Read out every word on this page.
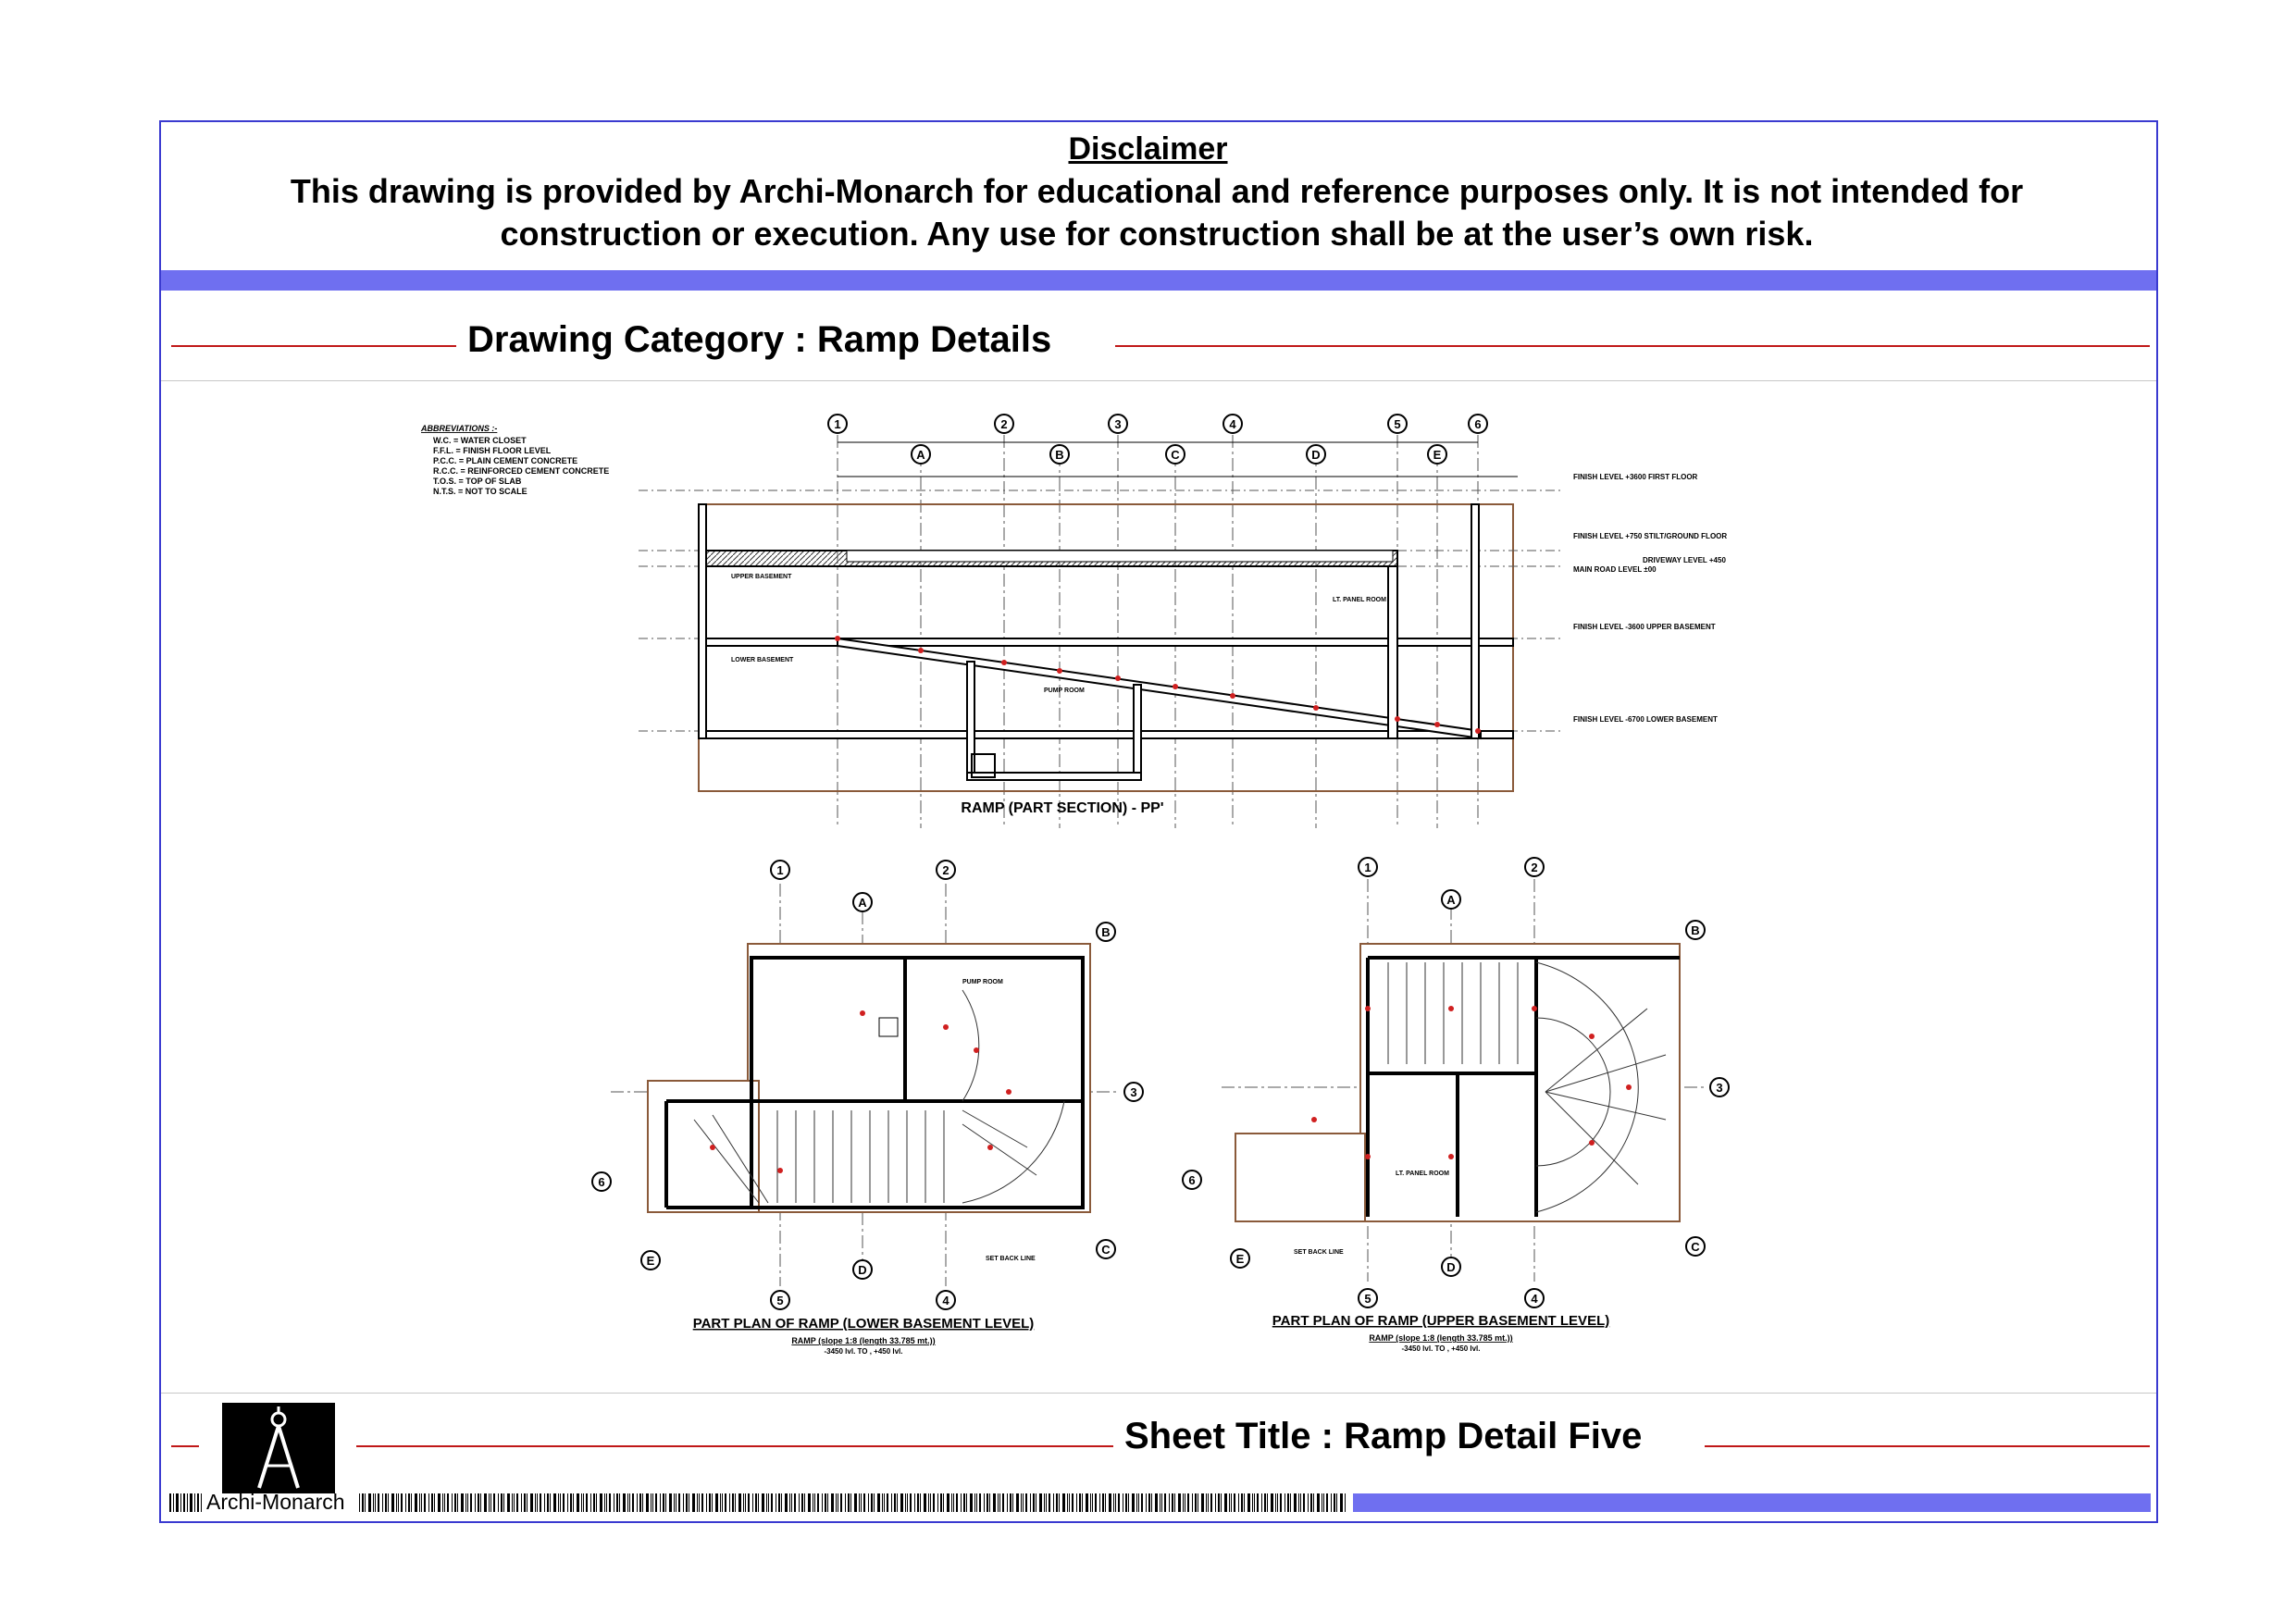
Disclaimer
This drawing is provided by Archi-Monarch for educational and reference purposes only. It is not intended for
construction or execution. Any use for construction shall be at the user’s own risk.
Drawing Category : Ramp Details
ABBREVIATIONS :-
W.C. = WATER CLOSET
F.F.L. = FINISH FLOOR LEVEL
P.C.C. = PLAIN CEMENT CONCRETE
R.C.C. = REINFORCED CEMENT CONCRETE
T.O.S. = TOP OF SLAB
N.T.S. = NOT TO SCALE
1	2	3	4	5	6
A	B	C	D	E
UPPER BASEMENT
LOWER BASEMENT
PUMP ROOM
LT. PANEL ROOM
FINISH LEVEL +3600 FIRST FLOOR
FINISH LEVEL +750 STILT/GROUND FLOOR
MAIN ROAD LEVEL ±00
DRIVEWAY LEVEL +450
FINISH LEVEL -3600 UPPER BASEMENT
FINISH LEVEL -6700 LOWER BASEMENT
RAMP (PART SECTION) - PP'
1	2
A
B
3
6
E
C
D
5	4
PUMP ROOM
SET BACK LINE
PART PLAN OF RAMP (LOWER BASEMENT LEVEL)
RAMP (slope 1:8 (length 33.785 mt.))
-3450 lvl. TO , +450 lvl.
1	2
A
B
3
6
E
C
D
5	4
LT. PANEL ROOM
SET BACK LINE
PART PLAN OF RAMP (UPPER BASEMENT LEVEL)
RAMP (slope 1:8 (length 33.785 mt.))
-3450 lvl. TO , +450 lvl.
Sheet Title : Ramp Detail Five
Archi-Monarch
